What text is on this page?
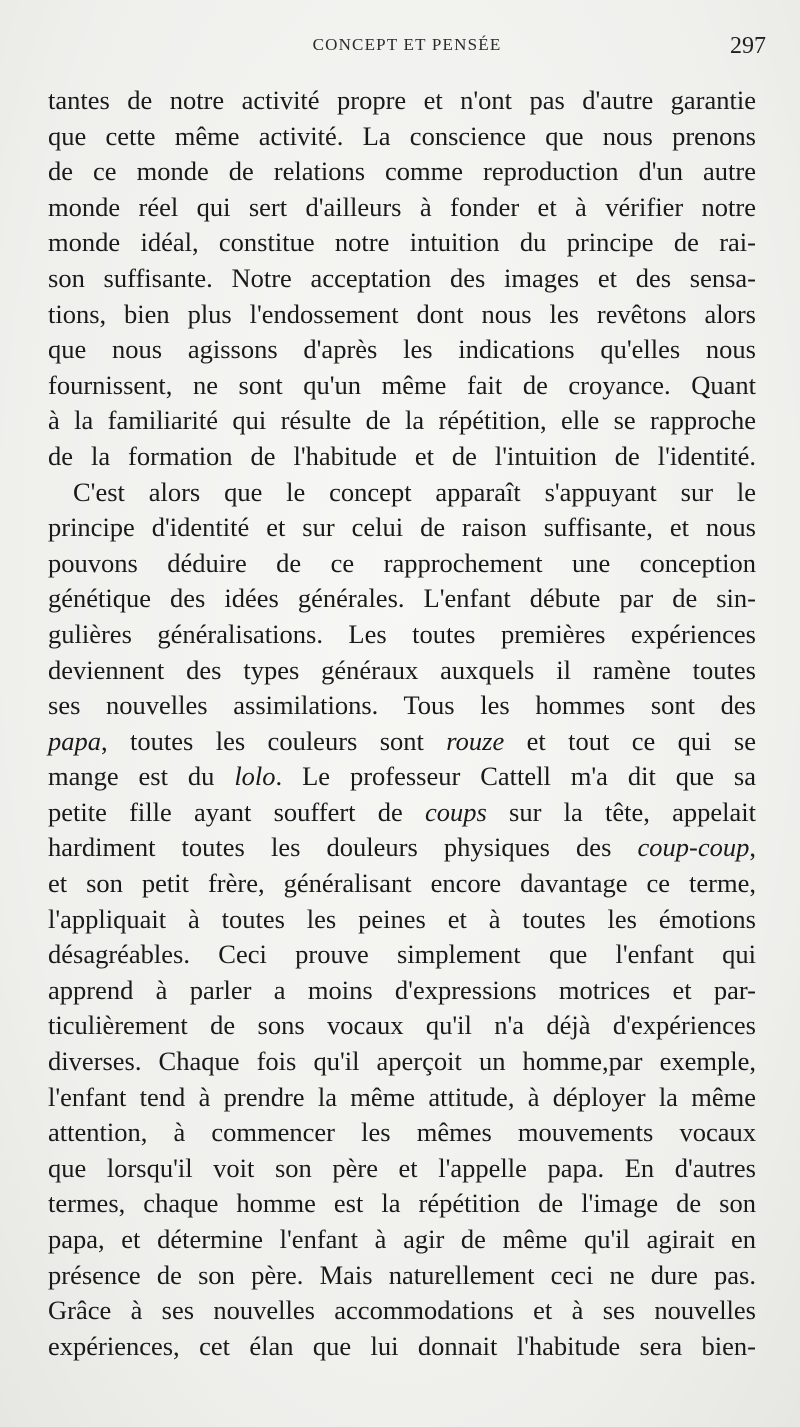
CONCEPT ET PENSÉE	297
tantes de notre activité propre et n'ont pas d'autre garantie
que cette même activité. La conscience que nous prenons
de ce monde de relations comme reproduction d'un autre
monde réel qui sert d'ailleurs à fonder et à vérifier notre
monde idéal, constitue notre intuition du principe de rai-
son suffisante. Notre acceptation des images et des sensa-
tions, bien plus l'endossement dont nous les revêtons alors
que nous agissons d'après les indications qu'elles nous
fournissent, ne sont qu'un même fait de croyance. Quant
à la familiarité qui résulte de la répétition, elle se rapproche
de la formation de l'habitude et de l'intuition de l'identité.
C'est alors que le concept apparaît s'appuyant sur le
principe d'identité et sur celui de raison suffisante, et nous
pouvons déduire de ce rapprochement une conception
génétique des idées générales. L'enfant débute par de sin-
gulières généralisations. Les toutes premières expériences
deviennent des types généraux auxquels il ramène toutes
ses nouvelles assimilations. Tous les hommes sont des
papa, toutes les couleurs sont rouze et tout ce qui se
mange est du lolo. Le professeur Cattell m'a dit que sa
petite fille ayant souffert de coups sur la tête, appelait
hardiment toutes les douleurs physiques des coup-coup,
et son petit frère, généralisant encore davantage ce terme,
l'appliquait à toutes les peines et à toutes les émotions
désagréables. Ceci prouve simplement que l'enfant qui
apprend à parler a moins d'expressions motrices et par-
ticulièrement de sons vocaux qu'il n'a déjà d'expériences
diverses. Chaque fois qu'il aperçoit un homme,par exemple,
l'enfant tend à prendre la même attitude, à déployer la même
attention, à commencer les mêmes mouvements vocaux
que lorsqu'il voit son père et l'appelle papa. En d'autres
termes, chaque homme est la répétition de l'image de son
papa, et détermine l'enfant à agir de même qu'il agirait en
présence de son père. Mais naturellement ceci ne dure pas.
Grâce à ses nouvelles accommodations et à ses nouvelles
expériences, cet élan que lui donnait l'habitude sera bien-
